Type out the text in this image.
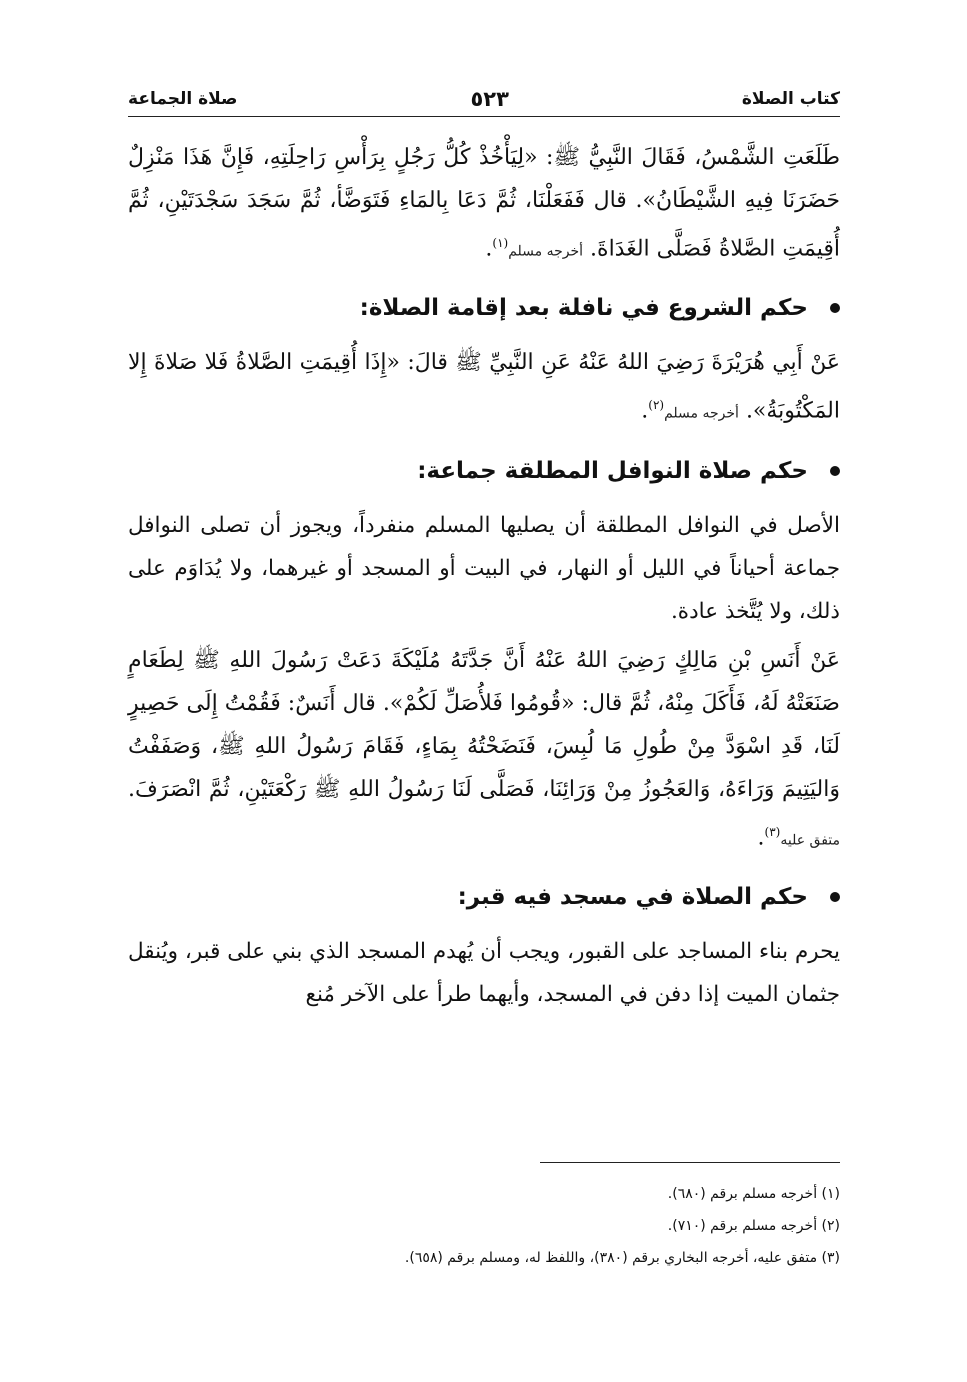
كتاب الصلاة
٥٢٣
صلاة الجماعة

طَلَعَتِ الشَّمْسُ، فَقَالَ النَّبِيُّ ﷺ: «لِيَأْخُذْ كُلُّ رَجُلٍ بِرَأْسِ رَاحِلَتِهِ، فَإِنَّ هَذَا مَنْزِلٌ حَضَرَنَا فِيهِ الشَّيْطَانُ». قال فَفَعَلْنَا، ثُمَّ دَعَا بِالمَاءِ فَتَوَضَّأ، ثُمَّ سَجَدَ سَجْدَتَيْنِ، ثُمَّ أُقِيمَتِ الصَّلاةُ فَصَلَّى الغَدَاةَ. أخرجه مسلم$^{(١)}$.

حكم الشروع في نافلة بعد إقامة الصلاة:

عَنْ أَبِي هُرَيْرَةَ رَضِيَ اللهُ عَنْهُ عَنِ النَّبِيِّ ﷺ قالَ: «إِذَا أُقِيمَتِ الصَّلاةُ فَلا صَلاةَ إِلا المَكْتُوبَةُ». أخرجه مسلم$^{(٢)}$.

حكم صلاة النوافل المطلقة جماعة:

الأصل في النوافل المطلقة أن يصليها المسلم منفرداً، ويجوز أن تصلى النوافل جماعة أحياناً في الليل أو النهار، في البيت أو المسجد أو غيرهما، ولا يُدَاوَم على ذلك، ولا يُتَّخذ عادة.

عَنْ أَنَسِ بْنِ مَالِكٍ رَضِيَ اللهُ عَنْهُ أَنَّ جَدَّتَهُ مُلَيْكَةَ دَعَتْ رَسُولَ اللهِ ﷺ لِطَعَامٍ صَنَعَتْهُ لَهُ، فَأَكَلَ مِنْهُ، ثُمَّ قال: «قُومُوا فَلأُصَلِّ لَكُمْ». قال أَنَسٌ: فَقُمْتُ إِلَى حَصِيرٍ لَنَا، قَدِ اسْوَدَّ مِنْ طُولِ مَا لُبِسَ، فَنَضَحْتُهُ بِمَاءٍ، فَقَامَ رَسُولُ اللهِ ﷺ، وَصَفَفْتُ وَاليَتِيمَ وَرَاءَهُ، وَالعَجُوزُ مِنْ وَرَائِنَا، فَصَلَّى لَنَا رَسُولُ اللهِ ﷺ رَكْعَتَيْنِ، ثُمَّ انْصَرَفَ. متفق عليه$^{(٣)}$.

حكم الصلاة في مسجد فيه قبر:

يحرم بناء المساجد على القبور، ويجب أن يُهدم المسجد الذي بني على قبر، ويُنقل جثمان الميت إذا دفن في المسجد، وأيهما طرأ على الآخر مُنع

(١) أخرجه مسلم برقم (٦٨٠).
(٢) أخرجه مسلم برقم (٧١٠).
(٣) متفق عليه، أخرجه البخاري برقم (٣٨٠)، واللفظ له، ومسلم برقم (٦٥٨).
